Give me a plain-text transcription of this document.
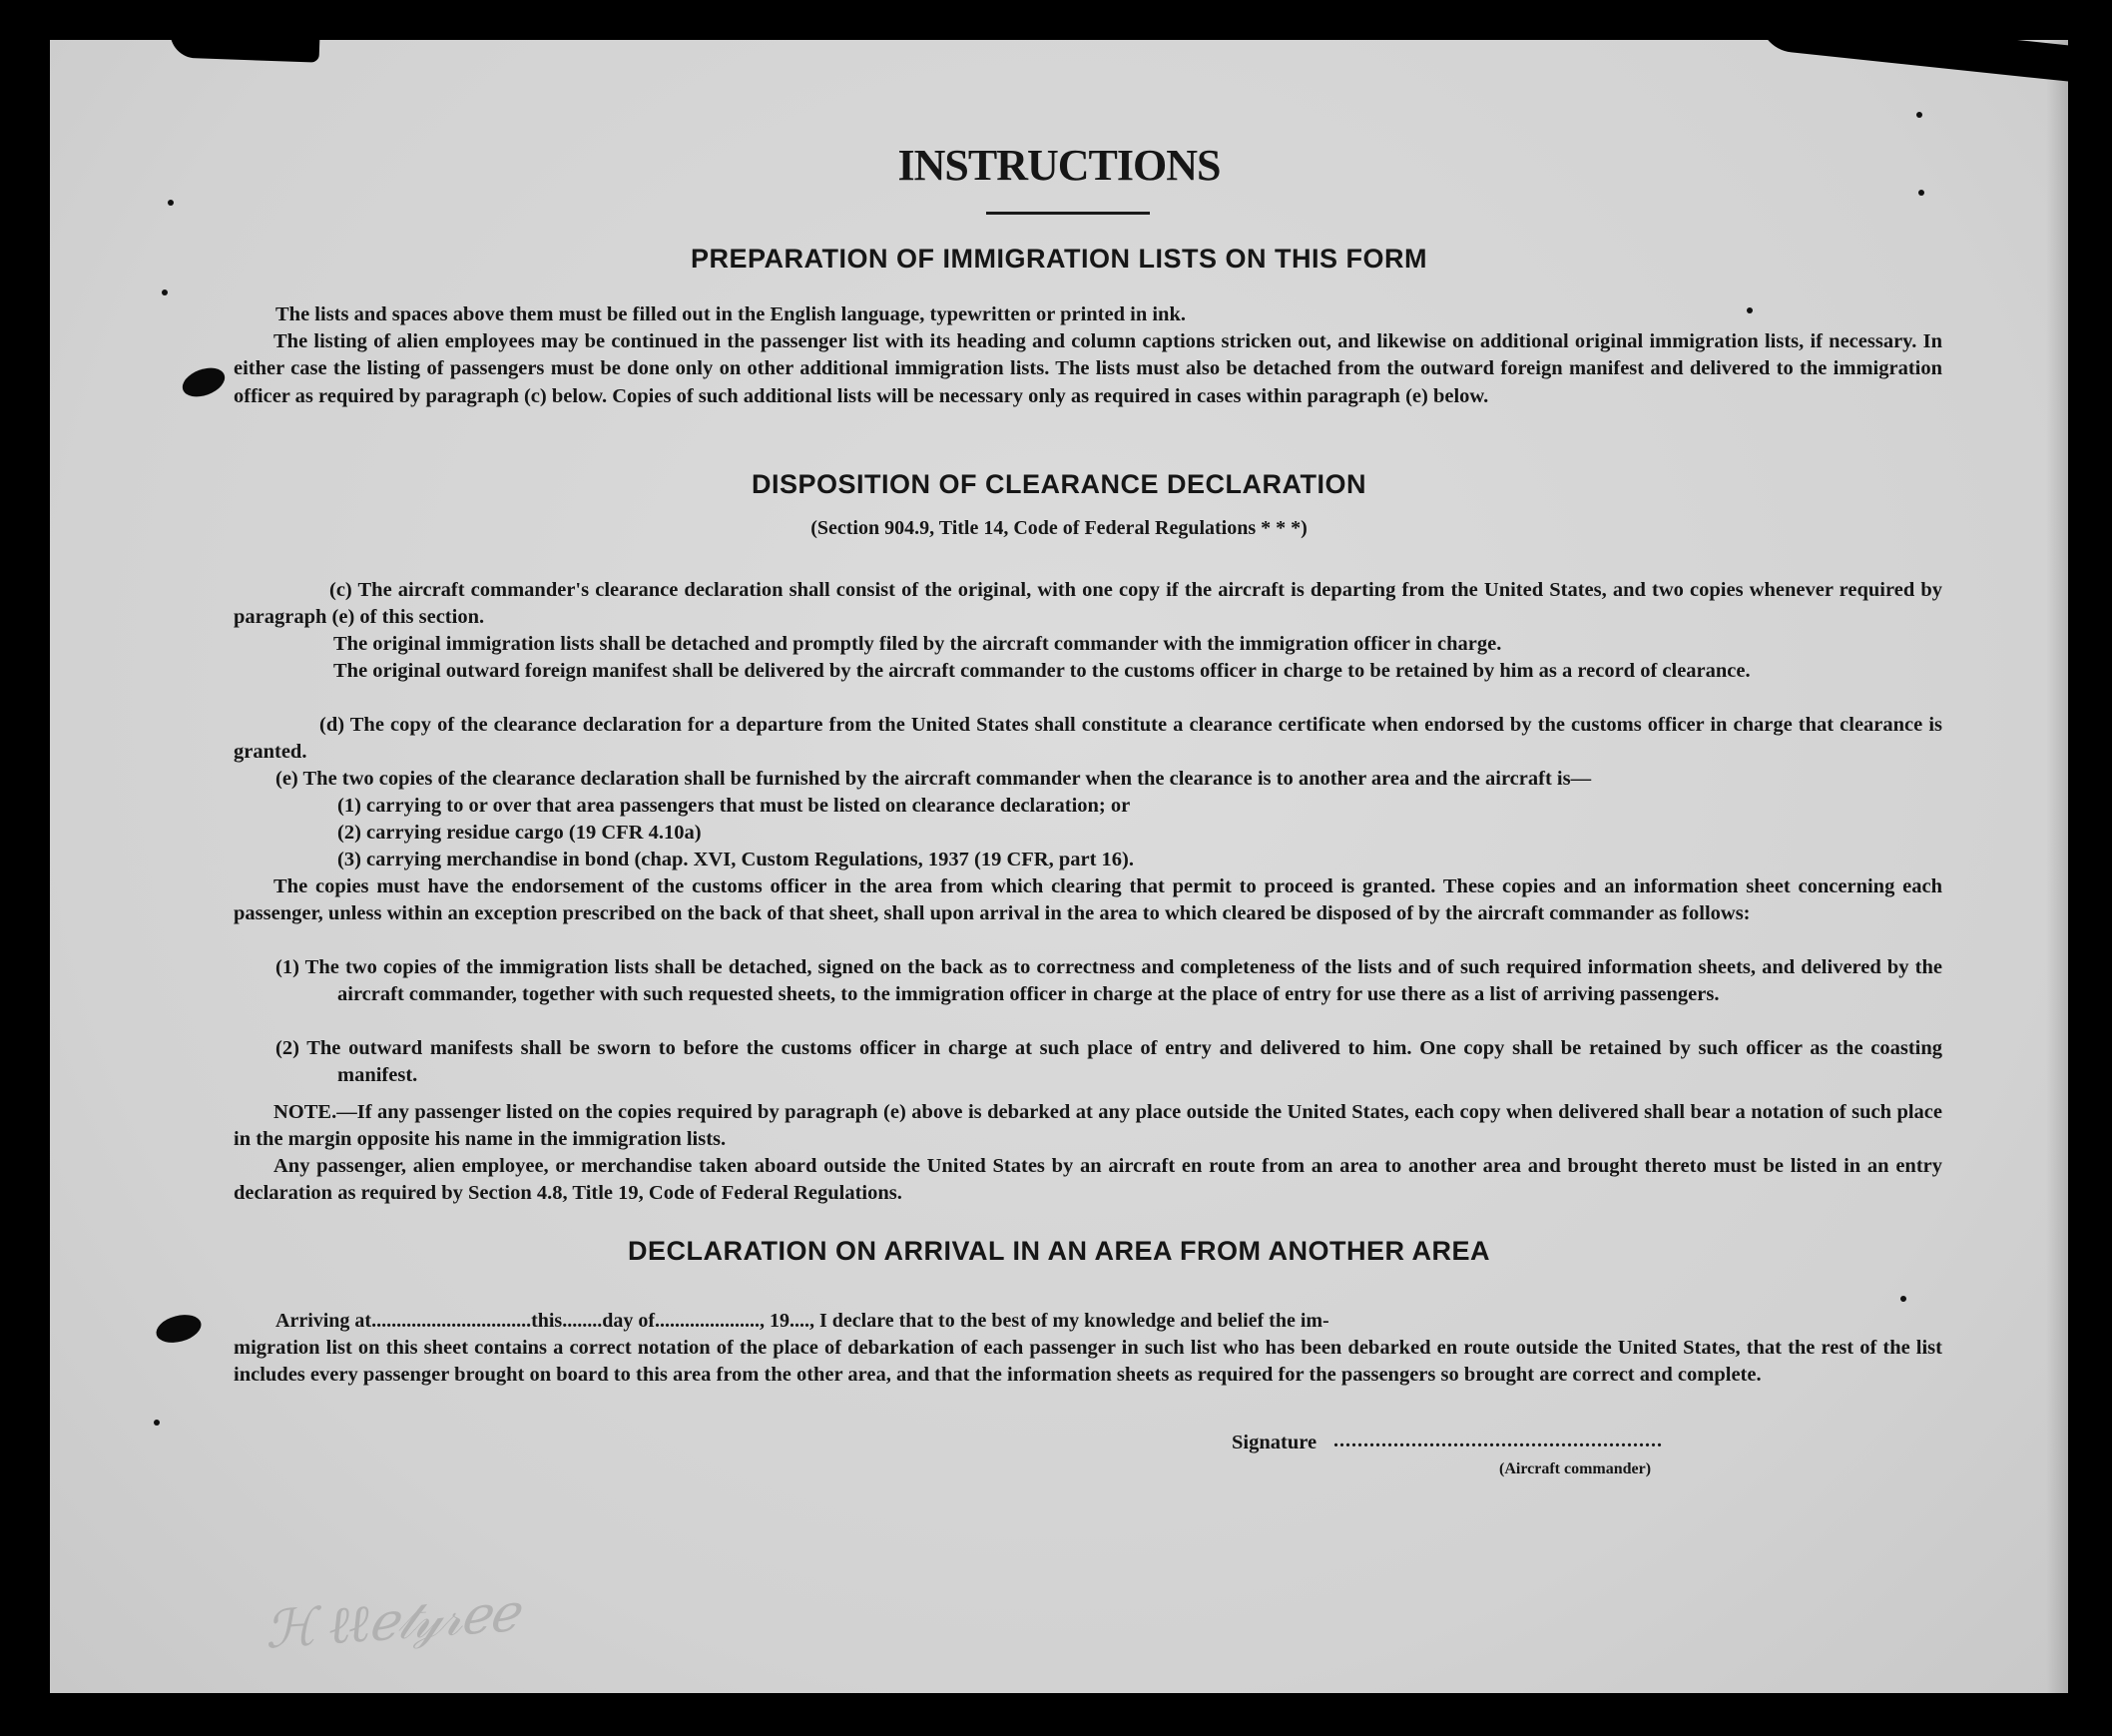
INSTRUCTIONS
PREPARATION OF IMMIGRATION LISTS ON THIS FORM
The lists and spaces above them must be filled out in the English language, typewritten or printed in ink.
The listing of alien employees may be continued in the passenger list with its heading and column captions stricken out, and likewise on additional original immigration lists, if necessary. In either case the listing of passengers must be done only on other additional immigration lists. The lists must also be detached from the outward foreign manifest and delivered to the immigration officer as required by paragraph (c) below. Copies of such additional lists will be necessary only as required in cases within paragraph (e) below.
DISPOSITION OF CLEARANCE DECLARATION
(Section 904.9, Title 14, Code of Federal Regulations * * *)
(c) The aircraft commander's clearance declaration shall consist of the original, with one copy if the aircraft is departing from the United States, and two copies whenever required by paragraph (e) of this section.
The original immigration lists shall be detached and promptly filed by the aircraft commander with the immigration officer in charge.
The original outward foreign manifest shall be delivered by the aircraft commander to the customs officer in charge to be retained by him as a record of clearance.
(d) The copy of the clearance declaration for a departure from the United States shall constitute a clearance certificate when endorsed by the customs officer in charge that clearance is granted.
(e) The two copies of the clearance declaration shall be furnished by the aircraft commander when the clearance is to another area and the aircraft is—
(1) carrying to or over that area passengers that must be listed on clearance declaration; or
(2) carrying residue cargo (19 CFR 4.10a)
(3) carrying merchandise in bond (chap. XVI, Custom Regulations, 1937 (19 CFR, part 16).
The copies must have the endorsement of the customs officer in the area from which clearing that permit to proceed is granted. These copies and an information sheet concerning each passenger, unless within an exception prescribed on the back of that sheet, shall upon arrival in the area to which cleared be disposed of by the aircraft commander as follows:
(1) The two copies of the immigration lists shall be detached, signed on the back as to correctness and completeness of the lists and of such required information sheets, and delivered by the aircraft commander, together with such requested sheets, to the immigration officer in charge at the place of entry for use there as a list of arriving passengers.
(2) The outward manifests shall be sworn to before the customs officer in charge at such place of entry and delivered to him. One copy shall be retained by such officer as the coasting manifest.
NOTE.—If any passenger listed on the copies required by paragraph (e) above is debarked at any place outside the United States, each copy when delivered shall bear a notation of such place in the margin opposite his name in the immigration lists.
Any passenger, alien employee, or merchandise taken aboard outside the United States by an aircraft en route from an area to another area and brought thereto must be listed in an entry declaration as required by Section 4.8, Title 19, Code of Federal Regulations.
DECLARATION ON ARRIVAL IN AN AREA FROM ANOTHER AREA
Arriving at................................this........day of....................., 19...., I declare that to the best of my knowledge and belief the im-
migration list on this sheet contains a correct notation of the place of debarkation of each passenger in such list who has been debarked en route outside the United States, that the rest of the list includes every passenger brought on board to this area from the other area, and that the information sheets as required for the passengers so brought are correct and complete.
Signature .......................................................
(Aircraft commander)
ℋ ℓℓℯ𝓉𝓎𝓇ℯℯ
